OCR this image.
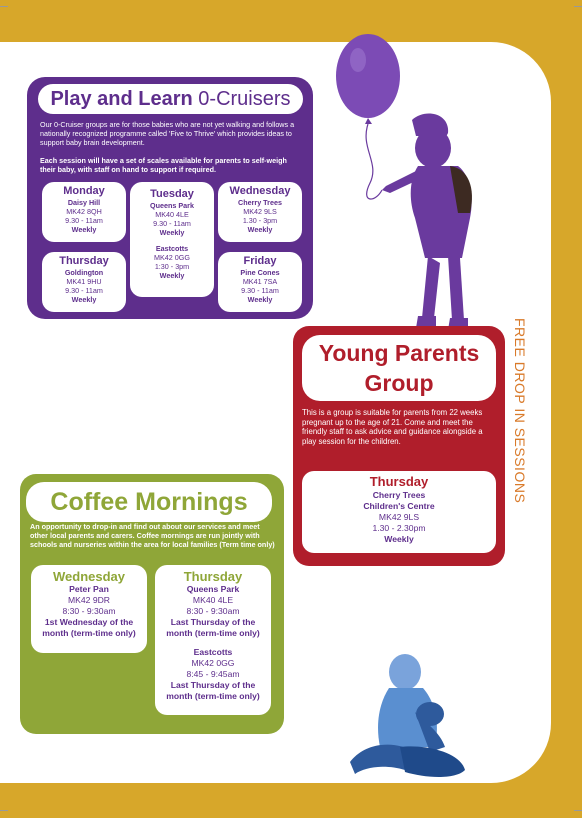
Play and Learn 0-Cruisers
Our 0-Cruiser groups are for those babies who are not yet walking and follows a nationally recognized programme called 'Five to Thrive' which provides ideas to support baby brain development.
Each session will have a set of scales available for parents to self-weigh their baby, with staff on hand to support if required.
Monday
Daisy Hill
MK42 8QH
9.30 - 11am
Weekly
Tuesday
Queens Park
MK40 4LE
9.30 - 11am
Weekly
Eastcotts
MK42 0GG
1:30 - 3pm
Weekly
Wednesday
Cherry Trees
MK42 9LS
1.30 - 3pm
Weekly
Thursday
Goldington
MK41 9HU
9.30 - 11am
Weekly
Friday
Pine Cones
MK41 7SA
9.30 - 11am
Weekly
Young Parents
Group
This is a group is suitable for parents from 22 weeks pregnant up to the age of 21. Come and meet the friendly staff to ask advice and guidance alongside a play session for the children.
Thursday
Cherry Trees
Children's Centre
MK42 9LS
1.30 - 2.30pm
Weekly
Coffee Mornings
An opportunity to drop-in and find out about our services and meet other local parents and carers. Coffee mornings are run jointly with schools and nurseries within the area for local families (Term time only)
Wednesday
Peter Pan
MK42 9DR
8:30 - 9:30am
1st Wednesday of the
month (term-time only)
Thursday
Queens Park
MK40 4LE
8:30 - 9:30am
Last Thursday of the
month (term-time only)
Eastcotts
MK42 0GG
8:45 - 9:45am
Last Thursday of the
month (term-time only)
FREE DROP IN SESSIONS
